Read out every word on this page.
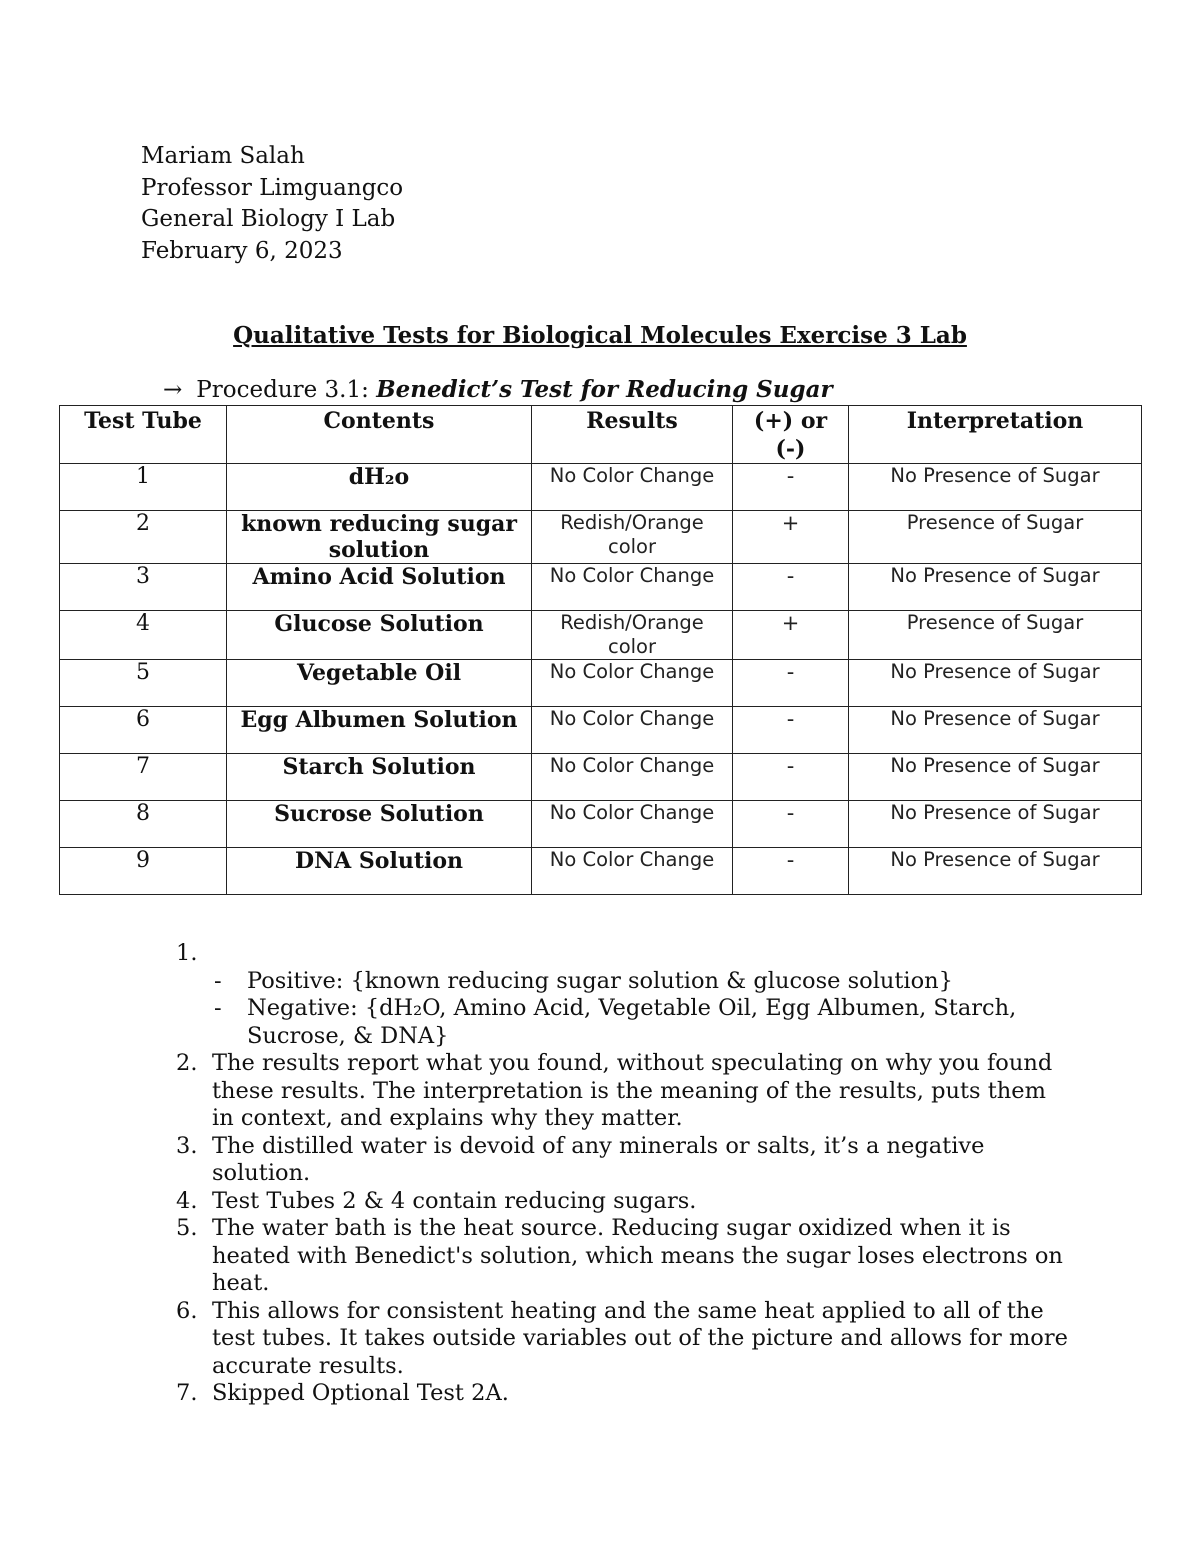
Mariam Salah
Professor Limguangco
General Biology I Lab
February 6, 2023
Qualitative Tests for Biological Molecules Exercise 3 Lab
→ Procedure 3.1: Benedict’s Test for Reducing Sugar
Test Tube	Contents	Results	(+) or (-)	Interpretation
1	dH₂o	No Color Change	-	No Presence of Sugar
2	known reducing sugar solution	Redish/Orange color	+	Presence of Sugar
3	Amino Acid Solution	No Color Change	-	No Presence of Sugar
4	Glucose Solution	Redish/Orange color	+	Presence of Sugar
5	Vegetable Oil	No Color Change	-	No Presence of Sugar
6	Egg Albumen Solution	No Color Change	-	No Presence of Sugar
7	Starch Solution	No Color Change	-	No Presence of Sugar
8	Sucrose Solution	No Color Change	-	No Presence of Sugar
9	DNA Solution	No Color Change	-	No Presence of Sugar
1.
- Positive: {known reducing sugar solution & glucose solution}
- Negative: {dH₂O, Amino Acid, Vegetable Oil, Egg Albumen, Starch, Sucrose, & DNA}
2. The results report what you found, without speculating on why you found these results. The interpretation is the meaning of the results, puts them in context, and explains why they matter.
3. The distilled water is devoid of any minerals or salts, it’s a negative solution.
4. Test Tubes 2 & 4 contain reducing sugars.
5. The water bath is the heat source. Reducing sugar oxidized when it is heated with Benedict's solution, which means the sugar loses electrons on heat.
6. This allows for consistent heating and the same heat applied to all of the test tubes. It takes outside variables out of the picture and allows for more accurate results.
7. Skipped Optional Test 2A.
